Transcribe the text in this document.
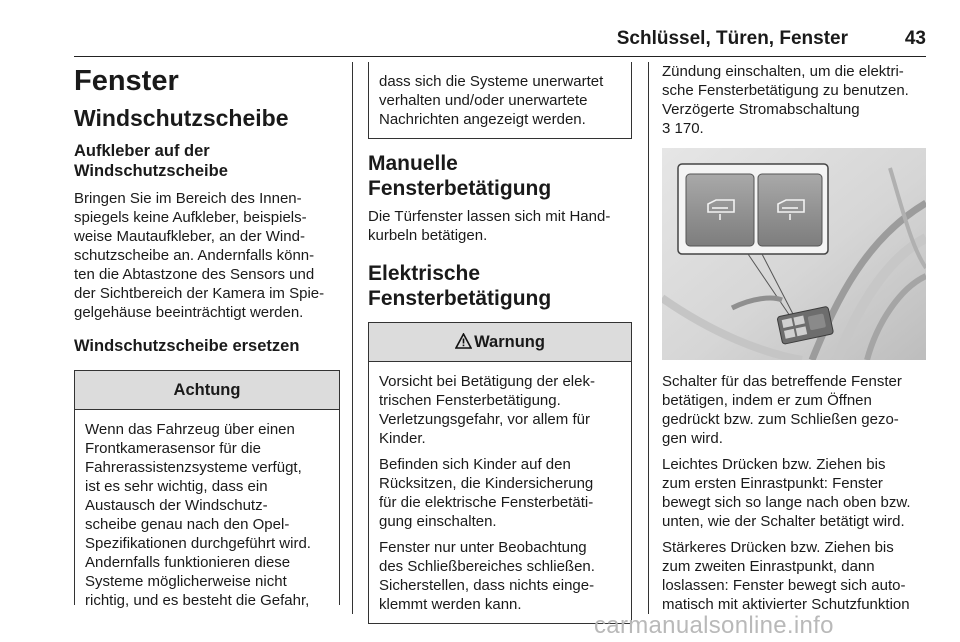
Schlüssel, Türen, Fenster	43
Fenster
Windschutzscheibe
Aufkleber auf der
Windschutzscheibe
Bringen Sie im Bereich des Innen-
spiegels keine Aufkleber, beispiels-
weise Mautaufkleber, an der Wind-
schutzscheibe an. Andernfalls könn-
ten die Abtastzone des Sensors und
der Sichtbereich der Kamera im Spie-
gelgehäuse beeinträchtigt werden.
Windschutzscheibe ersetzen
Achtung
Wenn das Fahrzeug über einen
Frontkamerasensor für die
Fahrerassistenzsysteme verfügt,
ist es sehr wichtig, dass ein
Austausch der Windschutz-
scheibe genau nach den Opel-
Spezifikationen durchgeführt wird.
Andernfalls funktionieren diese
Systeme möglicherweise nicht
richtig, und es besteht die Gefahr,
dass sich die Systeme unerwartet
verhalten und/oder unerwartete
Nachrichten angezeigt werden.
Manuelle
Fensterbetätigung
Die Türfenster lassen sich mit Hand-
kurbeln betätigen.
Elektrische
Fensterbetätigung
Warnung
Vorsicht bei Betätigung der elek-
trischen Fensterbetätigung.
Verletzungsgefahr, vor allem für
Kinder.
Befinden sich Kinder auf den
Rücksitzen, die Kindersicherung
für die elektrische Fensterbetäti-
gung einschalten.
Fenster nur unter Beobachtung
des Schließbereiches schließen.
Sicherstellen, dass nichts einge-
klemmt werden kann.
Zündung einschalten, um die elektri-
sche Fensterbetätigung zu benutzen.
Verzögerte Stromabschaltung
3 170.
Schalter für das betreffende Fenster
betätigen, indem er zum Öffnen
gedrückt bzw. zum Schließen gezo-
gen wird.
Leichtes Drücken bzw. Ziehen bis
zum ersten Einrastpunkt: Fenster
bewegt sich so lange nach oben bzw.
unten, wie der Schalter betätigt wird.
Stärkeres Drücken bzw. Ziehen bis
zum zweiten Einrastpunkt, dann
loslassen: Fenster bewegt sich auto-
matisch mit aktivierter Schutzfunktion
carmanualsonline.info
